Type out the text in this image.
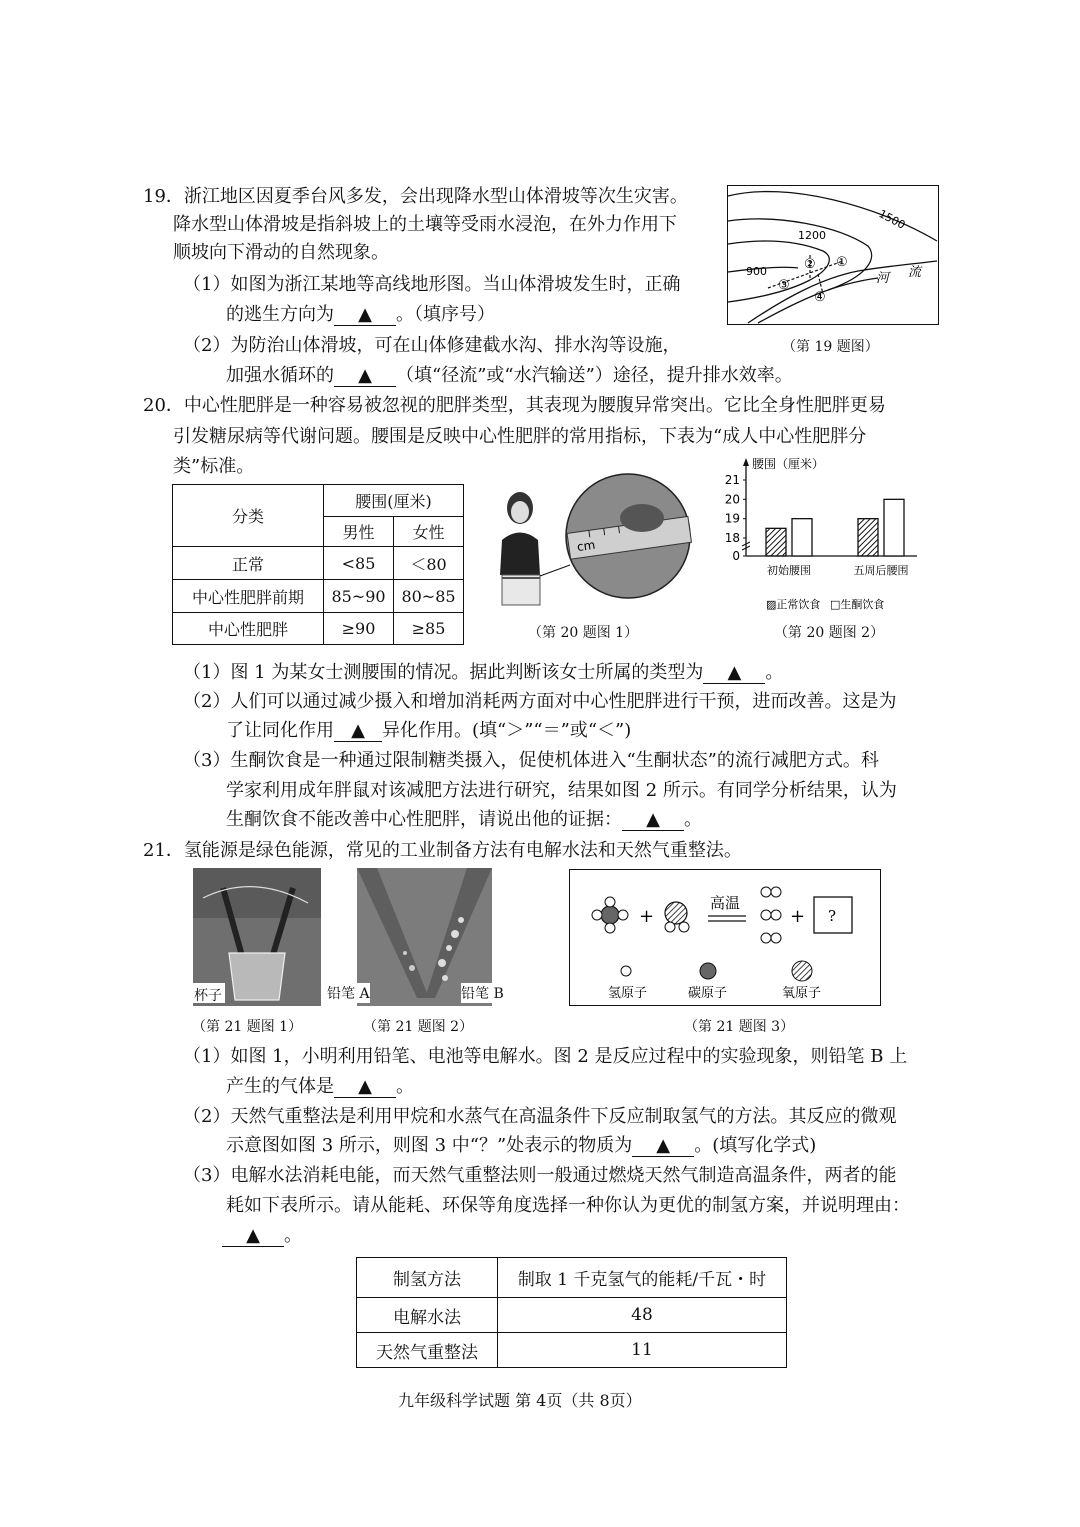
19．浙江地区因夏季台风多发，会出现降水型山体滑坡等次生灾害。
降水型山体滑坡是指斜坡上的土壤等受雨水浸泡，在外力作用下
顺坡向下滑动的自然现象。
（1）如图为浙江某地等高线地形图。当山体滑坡发生时，正确
的逃生方向为 ▲ 。（填序号）
（2）为防治山体滑坡，可在山体修建截水沟、排水沟等设施，
加强水循环的 ▲ （填“径流”或“水汽输送”）途径，提升排水效率。
1500
1200
900	河 流
①
②
③
④
（第 19 题图）
20．中心性肥胖是一种容易被忽视的肥胖类型，其表现为腰腹异常突出。它比全身性肥胖更易
引发糖尿病等代谢问题。腰围是反映中心性肥胖的常用指标，下表为“成人中心性肥胖分
类”标准。
分类	腰围(厘米)	
	男性	女性
正常	<85	＜80
中心性肥胖前期	85~90	80~85
中心性肥胖	≥90	≥85
cm
（第 20 题图 1）
腰围（厘米）
0
18
19
20
21
初始腰围	五周后腰围
▨正常饮食 □生酮饮食
（第 20 题图 2）
（1）图 1 为某女士测腰围的情况。据此判断该女士所属的类型为 ▲ 。
（2）人们可以通过减少摄入和增加消耗两方面对中心性肥胖进行干预，进而改善。这是为
了让同化作用 ▲ 异化作用。(填“＞”“＝”或“＜”)
（3）生酮饮食是一种通过限制糖类摄入，促使机体进入“生酮状态”的流行减肥方式。科
学家利用成年胖鼠对该减肥方法进行研究，结果如图 2 所示。有同学分析结果，认为
生酮饮食不能改善中心性肥胖，请说出他的证据： ▲ 。
21．氢能源是绿色能源，常见的工业制备方法有电解水法和天然气重整法。
杯子
（第 21 题图 1）
铅笔 A	铅笔 B
（第 21 题图 2）
+
高温
+ ?
氢原子	碳原子	氧原子
（第 21 题图 3）
（1）如图 1，小明利用铅笔、电池等电解水。图 2 是反应过程中的实验现象，则铅笔 B 上
产生的气体是 ▲ 。
（2）天然气重整法是利用甲烷和水蒸气在高温条件下反应制取氢气的方法。其反应的微观
示意图如图 3 所示，则图 3 中“？”处表示的物质为 ▲ 。(填写化学式)
（3）电解水法消耗电能，而天然气重整法则一般通过燃烧天然气制造高温条件，两者的能
耗如下表所示。请从能耗、环保等角度选择一种你认为更优的制氢方案，并说明理由：
▲ 。
制氢方法	制取 1 千克氢气的能耗/千瓦・时
电解水法	48
天然气重整法	11
九年级科学试题 第 4页（共 8页）
